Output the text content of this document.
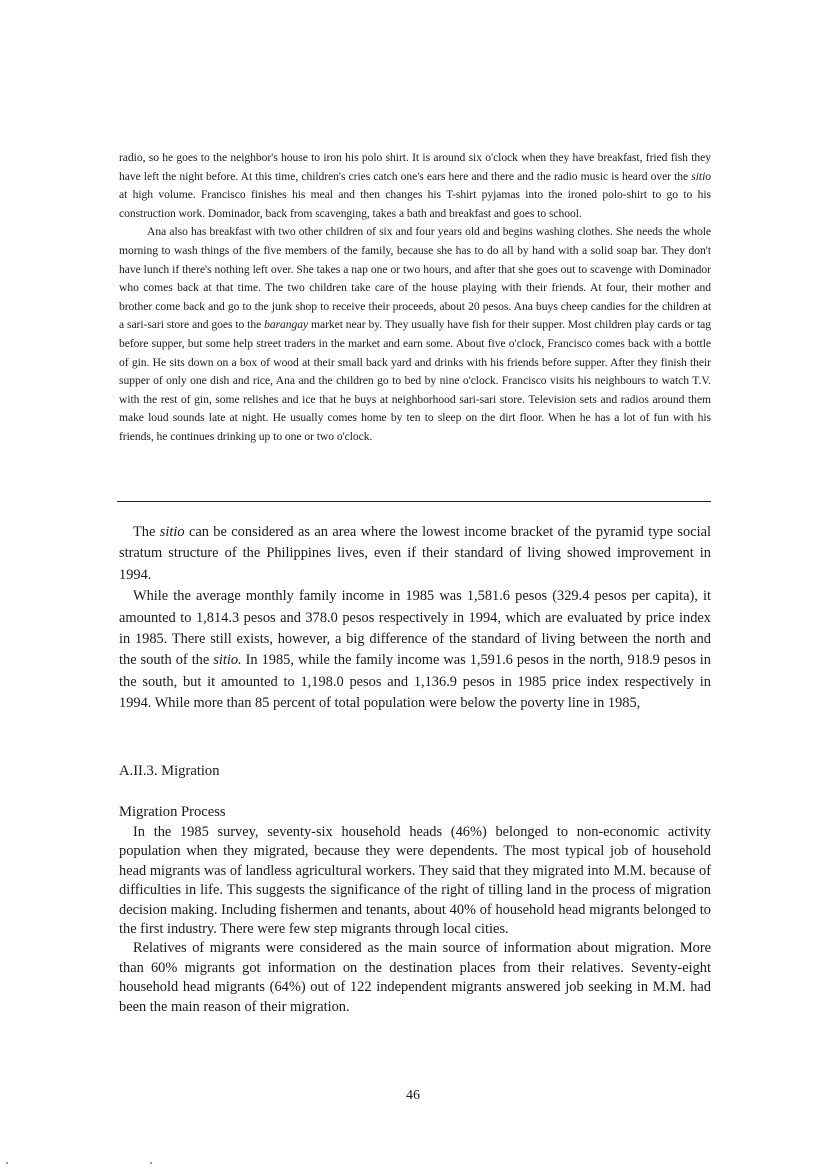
radio, so he goes to the neighbor's house to iron his polo shirt. It is around six o'clock when they have breakfast, fried fish they have left the night before. At this time, children's cries catch one's ears here and there and the radio music is heard over the sitio at high volume. Francisco finishes his meal and then changes his T-shirt pyjamas into the ironed polo-shirt to go to his construction work. Dominador, back from scavenging, takes a bath and breakfast and goes to school.

Ana also has breakfast with two other children of six and four years old and begins washing clothes. She needs the whole morning to wash things of the five members of the family, because she has to do all by hand with a solid soap bar. They don't have lunch if there's nothing left over. She takes a nap one or two hours, and after that she goes out to scavenge with Dominador who comes back at that time. The two children take care of the house playing with their friends. At four, their mother and brother come back and go to the junk shop to receive their proceeds, about 20 pesos. Ana buys cheep candies for the children at a sari-sari store and goes to the barangay market near by. They usually have fish for their supper. Most children play cards or tag before supper, but some help street traders in the market and earn some. About five o'clock, Francisco comes back with a bottle of gin. He sits down on a box of wood at their small back yard and drinks with his friends before supper. After they finish their supper of only one dish and rice, Ana and the children go to bed by nine o'clock. Francisco visits his neighbours to watch T.V. with the rest of gin, some relishes and ice that he buys at neighborhood sari-sari store. Television sets and radios around them make loud sounds late at night. He usually comes home by ten to sleep on the dirt floor. When he has a lot of fun with his friends, he continues drinking up to one or two o'clock.

The sitio can be considered as an area where the lowest income bracket of the pyramid type social stratum structure of the Philippines lives, even if their standard of living showed improvement in 1994.

While the average monthly family income in 1985 was 1,581.6 pesos (329.4 pesos per capita), it amounted to 1,814.3 pesos and 378.0 pesos respectively in 1994, which are evaluated by price index in 1985. There still exists, however, a big difference of the standard of living between the north and the south of the sitio. In 1985, while the family income was 1,591.6 pesos in the north, 918.9 pesos in the south, but it amounted to 1,198.0 pesos and 1,136.9 pesos in 1985 price index respectively in 1994. While more than 85 percent of total population were below the poverty line in 1985,

A.II.3. Migration
Migration Process

In the 1985 survey, seventy-six household heads (46%) belonged to non-economic activity population when they migrated, because they were dependents. The most typical job of household head migrants was of landless agricultural workers. They said that they migrated into M.M. because of difficulties in life. This suggests the significance of the right of tilling land in the process of migration decision making. Including fishermen and tenants, about 40% of household head migrants belonged to the first industry. There were few step migrants through local cities.

Relatives of migrants were considered as the main source of information about migration. More than 60% migrants got information on the destination places from their relatives. Seventy-eight household head migrants (64%) out of 122 independent migrants answered job seeking in M.M. had been the main reason of their migration.

46
